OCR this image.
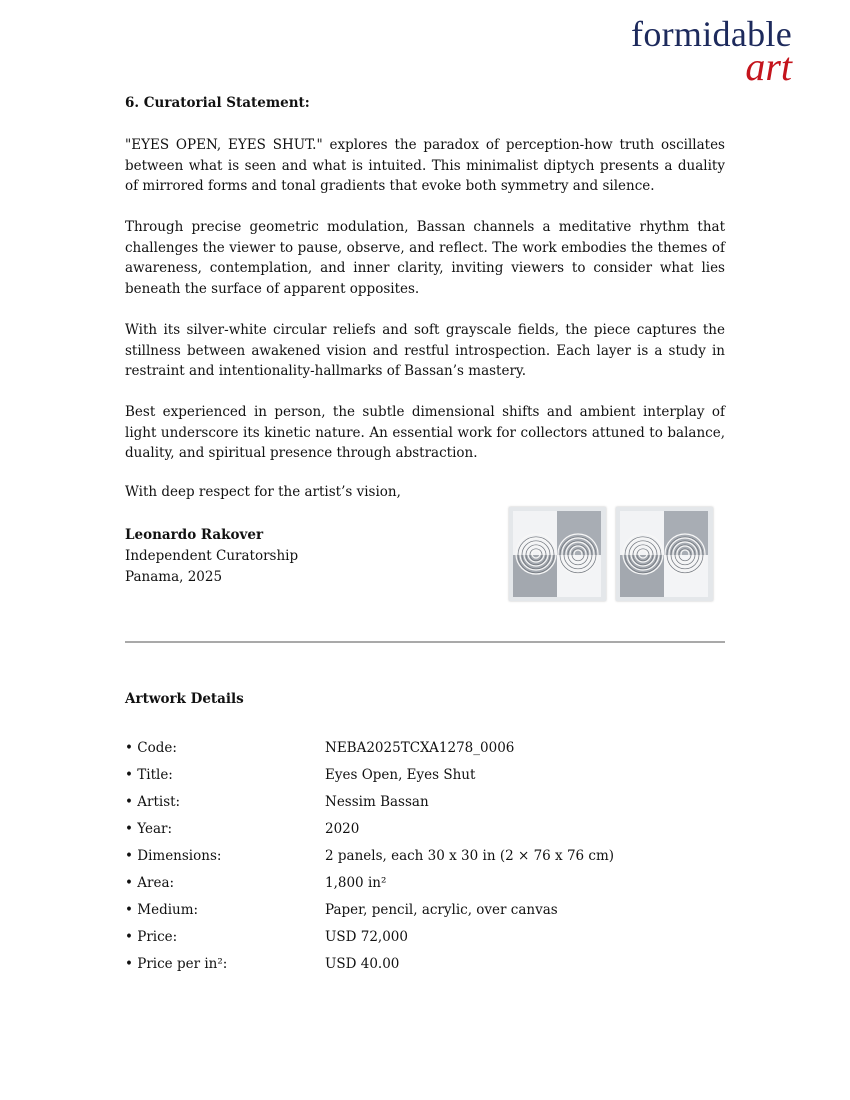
formidable
art
6. Curatorial Statement:
"EYES OPEN, EYES SHUT." explores the paradox of perception-how truth oscillates between what is seen and what is intuited. This minimalist diptych presents a duality of mirrored forms and tonal gradients that evoke both symmetry and silence.
Through precise geometric modulation, Bassan channels a meditative rhythm that challenges the viewer to pause, observe, and reflect. The work embodies the themes of awareness, contemplation, and inner clarity, inviting viewers to consider what lies beneath the surface of apparent opposites.
With its silver-white circular reliefs and soft grayscale fields, the piece captures the stillness between awakened vision and restful introspection. Each layer is a study in restraint and intentionality-hallmarks of Bassan’s mastery.
Best experienced in person, the subtle dimensional shifts and ambient interplay of light underscore its kinetic nature. An essential work for collectors attuned to balance, duality, and spiritual presence through abstraction.
With deep respect for the artist’s vision,
Leonardo Rakover
Independent Curatorship
Panama, 2025
Artwork Details
• Code:	NEBA2025TCXA1278_0006
• Title:	Eyes Open, Eyes Shut
• Artist:	Nessim Bassan
• Year:	2020
• Dimensions:	2 panels, each 30 x 30 in (2 × 76 x 76 cm)
• Area:	1,800 in²
• Medium:	Paper, pencil, acrylic, over canvas
• Price:	USD 72,000
• Price per in²:	USD 40.00
